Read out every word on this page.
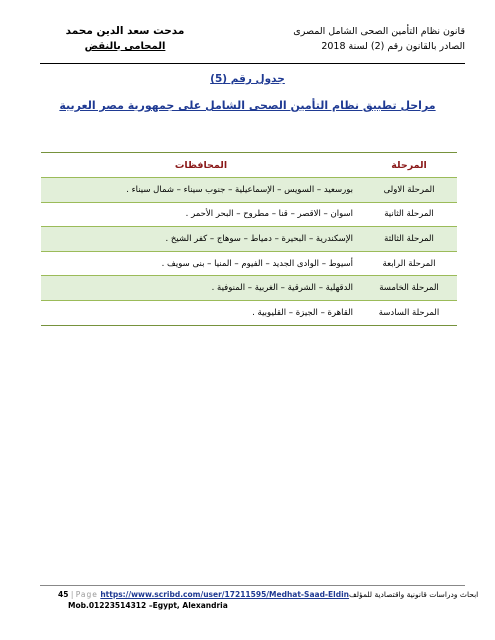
قانون نظام التأمين الصحى الشامل المصرى
الصادر بالقانون رقم (2) لسنة 2018
مدحت سعد الدين محمد
المحامى بالنقض
جدول رقم (5)
مراحل تطبيق نظام التأمين الصحى الشامل على جمهورية مصر العربية
المرحلة	المحافظات
المرحلة الاولى	بورسعيد – السويس – الإسماعيلية – جنوب سيناء – شمال سيناء .
المرحلة الثانية	اسوان – الاقصر – قنا – مطروح – البحر الأحمر .
المرحلة الثالثة	الإسكندرية – البحيرة – دمياط – سوهاج – كفر الشيخ .
المرحلة الرابعة	أسيوط – الوادى الجديد – الفيوم – المنيا – بنى سويف .
المرحلة الخامسة	الدقهلية – الشرقية – الغربية – المنوفية .
المرحلة السادسة	القاهرة – الجيزة – القليوبية .
45 | Page https://www.scribd.com/user/17211595/Medhat-Saad-Eldinابحاث ودراسات قانونية واقتصادية للمؤلف
Mob.01223514312 –Egypt, Alexandria
